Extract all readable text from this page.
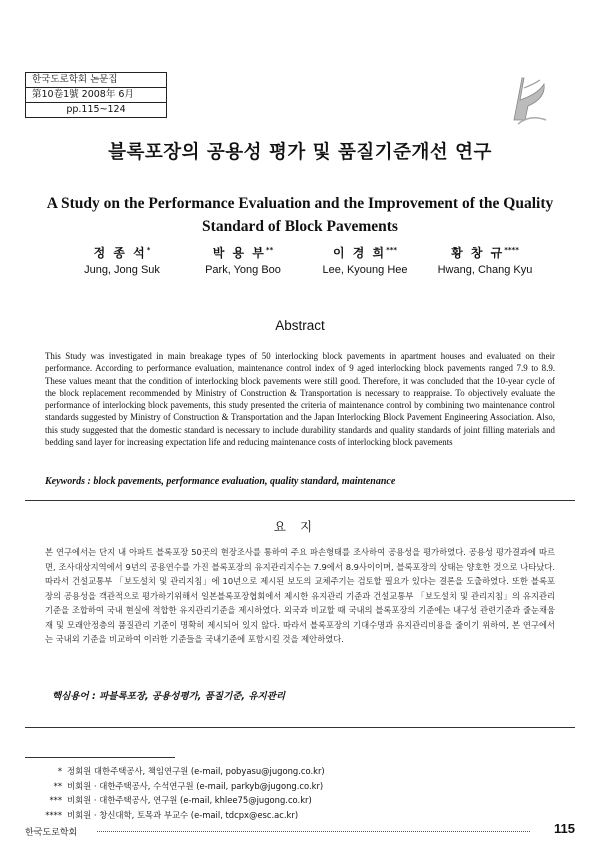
한국도로학회 논문집
第10卷1號 2008年 6月
pp.115~124
블록포장의 공용성 평가 및 품질기준개선 연구
A Study on the Performance Evaluation and the Improvement of the Quality Standard of Block Pavements
정 종 석*
Jung, Jong Suk
박 용 부**
Park, Yong Boo
이 경 희***
Lee, Kyoung Hee
황 창 규****
Hwang, Chang Kyu
Abstract
This Study was investigated in main breakage types of 50 interlocking block pavements in apartment houses and evaluated on their performance. According to performance evaluation, maintenance control index of 9 aged interlocking block pavements ranged 7.9 to 8.9. These values meant that the condition of interlocking block pavements were still good. Therefore, it was concluded that the 10-year cycle of the block replacement recommended by Ministry of Construction & Transportation is necessary to reappraise. To objectively evaluate the performance of interlocking block pavements, this study presented the criteria of maintenance control by combining two maintenance control standards suggested by Ministry of Construction & Transportation and the Japan Interlocking Block Pavement Engineering Association. Also, this study suggested that the domestic standard is necessary to include durability standards and quality standards of joint filling materials and bedding sand layer for increasing expectation life and reducing maintenance costs of interlocking block pavements
Keywords : block pavements, performance evaluation, quality standard, maintenance
요지
본 연구에서는 단지 내 아파트 블록포장 50곳의 현장조사를 통하여 주요 파손형태를 조사하여 공용성을 평가하였다. 공용성 평가결과에 따르면, 조사대상지역에서 9년의 공용연수를 가진 블록포장의 유지관리지수는 7.9에서 8.9사이이며, 블록포장의 상태는 양호한 것으로 나타났다. 따라서 건설교통부 「보도설치 및 관리지침」에 10년으로 제시된 보도의 교체주기는 검토할 필요가 있다는 결론을 도출하였다. 또한 블록포장의 공용성을 객관적으로 평가하기위해서 일본블록포장협회에서 제시한 유지관리 기준과 건설교통부 「보도설치 및 관리지침」의 유지관리기준을 조합하여 국내 현실에 적합한 유지관리기준을 제시하였다. 외국과 비교할 때 국내의 블록포장의 기준에는 내구성 관련기준과 줄눈채움재 및 모래안정층의 품질관리 기준이 명확히 제시되어 있지 않다. 따라서 블록포장의 기대수명과 유지관리비용을 줄이기 위하여, 본 연구에서는 국내외 기준을 비교하여 이러한 기준들을 국내기준에 포함시킬 것을 제안하였다.
핵심용어 : 파블록포장, 공용성평가, 품질기준, 유지관리
* 정회원 대한주택공사, 책임연구원 (e-mail, pobyasu@jugong.co.kr)
** 비회원 · 대한주택공사, 수석연구원 (e-mail, parkyb@jugong.co.kr)
*** 비회원 · 대한주택공사, 연구원 (e-mail, khlee75@jugong.co.kr)
**** 비회원 · 창신대학, 토목과 부교수 (e-mail, tdcpx@esc.ac.kr)
한국도로학회	115
